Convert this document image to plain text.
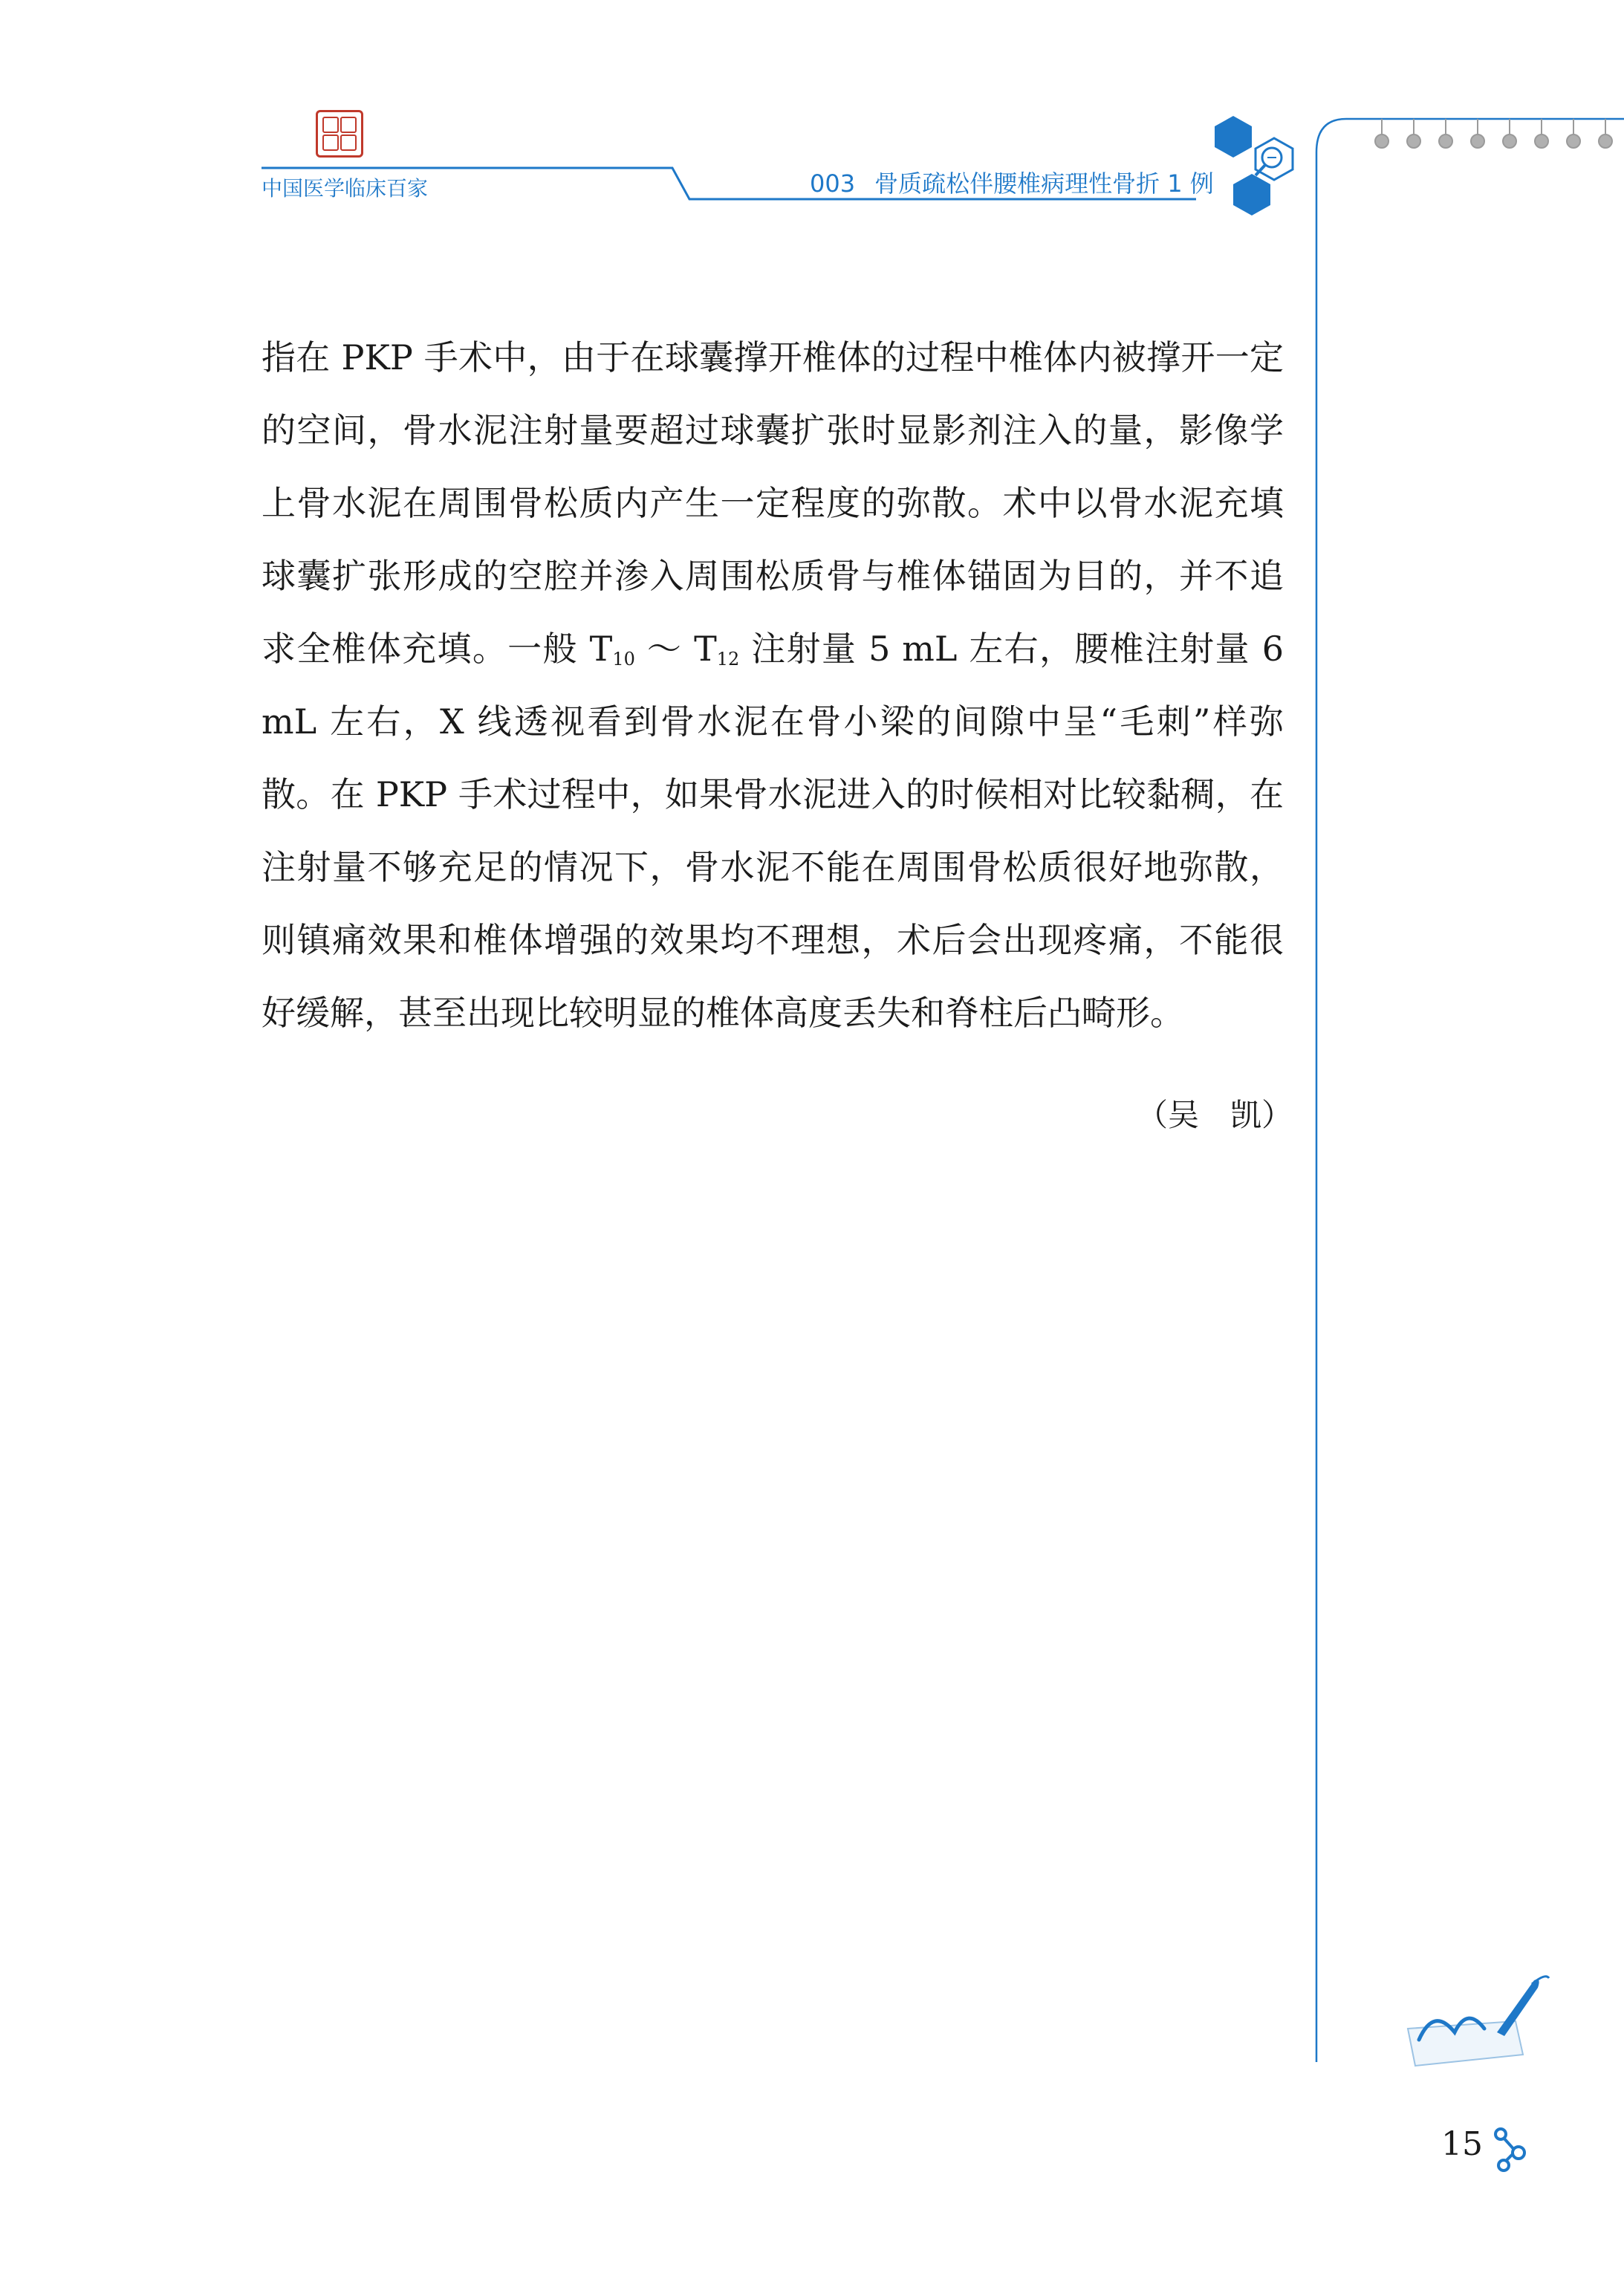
中国医学临床百家	003 骨质疏松伴腰椎病理性骨折 1 例
指在 PKP 手术中，由于在球囊撑开椎体的过程中椎体内被撑开一定的空间，骨水泥注射量要超过球囊扩张时显影剂注入的量，影像学上骨水泥在周围骨松质内产生一定程度的弥散。术中以骨水泥充填球囊扩张形成的空腔并渗入周围松质骨与椎体锚固为目的，并不追求全椎体充填。一般 $T_{10}$ ～ $T_{12}$ 注射量 5 mL 左右，腰椎注射量 6 mL 左右，X 线透视看到骨水泥在骨小梁的间隙中呈“毛刺”样弥散。在 PKP 手术过程中，如果骨水泥进入的时候相对比较黏稠，在注射量不够充足的情况下，骨水泥不能在周围骨松质很好地弥散，则镇痛效果和椎体增强的效果均不理想，术后会出现疼痛，不能很好缓解，甚至出现比较明显的椎体高度丢失和脊柱后凸畸形。
（吴　凯）
15
